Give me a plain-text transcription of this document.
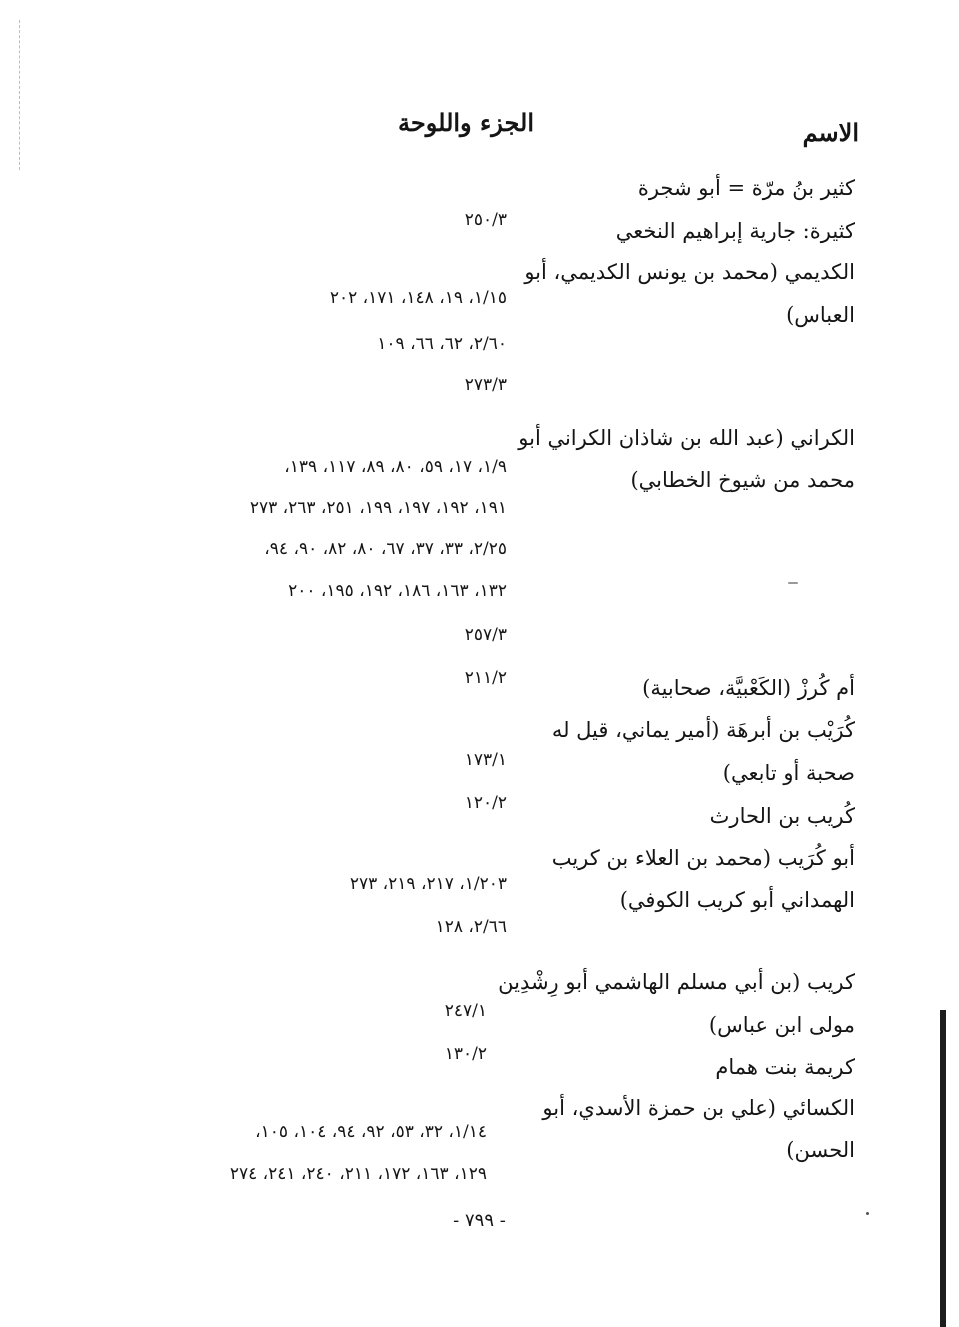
الاسم
الجزء واللوحة
كثير بنُ مرّة = أبو شجرة
كثيرة: جارية إبراهيم النخعي
٢٥٠/٣
الكديمي (محمد بن يونس الكديمي، أبو
العباس)
١/١٥، ١٩، ١٤٨، ١٧١، ٢٠٢
٢/٦٠، ٦٢، ٦٦، ١٠٩
٢٧٣/٣
الكراني (عبد الله بن شاذان الكراني أبو
محمد من شيوخ الخطابي)
١/٩، ١٧، ٥٩، ٨٠، ٨٩، ١١٧، ١٣٩،
١٩١، ١٩٢، ١٩٧، ١٩٩، ٢٥١، ٢٦٣، ٢٧٣
٢/٢٥، ٣٣، ٣٧، ٦٧، ٨٠، ٨٢، ٩٠، ٩٤،
١٣٢، ١٦٣، ١٨٦، ١٩٢، ١٩٥، ٢٠٠
٢٥٧/٣
أم كُرزْ (الكَعْبيَّة، صحابية)
٢١١/٢
كُرَيْب بن أبرهَة (أمير يماني، قيل له
صحبة أو تابعي)
١٧٣/١
كُريب بن الحارث
١٢٠/٢
أبو كُرَيب (محمد بن العلاء بن كريب
الهمداني أبو كريب الكوفي)
١/٢٠٣، ٢١٧، ٢١٩، ٢٧٣
٢/٦٦، ١٢٨
كريب (بن أبي مسلم الهاشمي أبو رِشْدِين
مولى ابن عباس)
٢٤٧/١
كريمة بنت همام
١٣٠/٢
الكسائي (علي بن حمزة الأسدي، أبو
الحسن)
١/١٤، ٣٢، ٥٣، ٩٢، ٩٤، ١٠٤، ١٠٥،
١٢٩، ١٦٣، ١٧٢، ٢١١، ٢٤٠، ٢٤١، ٢٧٤
- ٧٩٩ -
